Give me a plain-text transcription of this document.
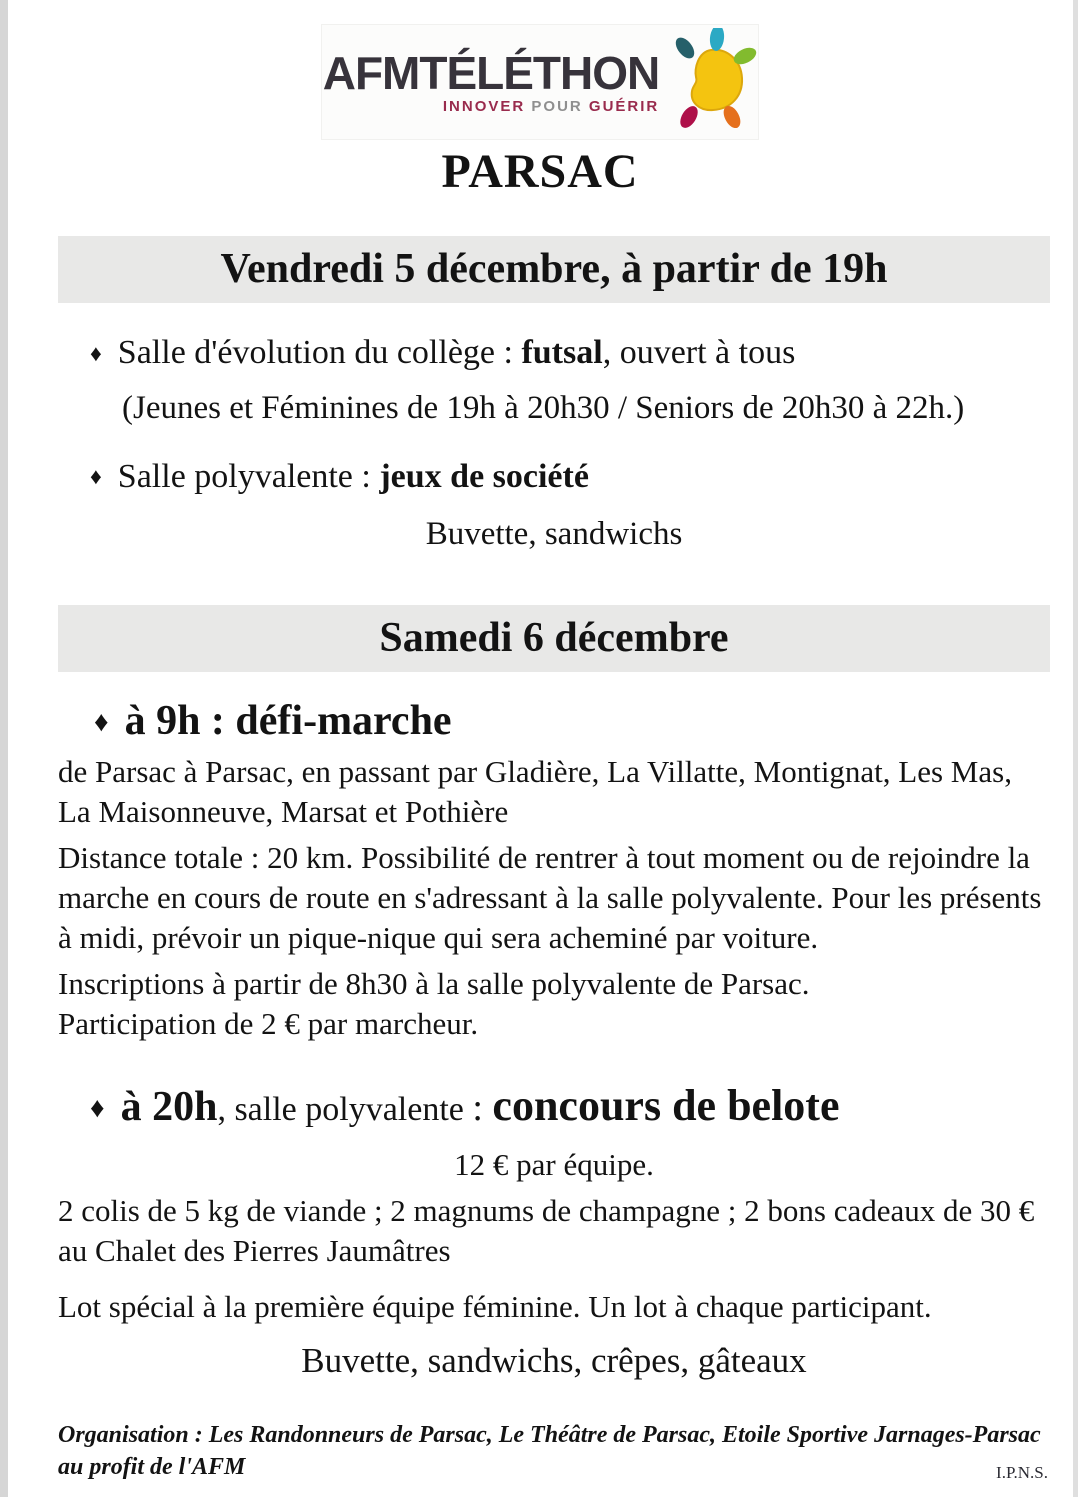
AFMTÉLÉTHON
INNOVER POUR GUÉRIR
PARSAC
Vendredi 5 décembre, à partir de 19h
♦ Salle d'évolution du collège : futsal, ouvert à tous
(Jeunes et Féminines de 19h à 20h30 / Seniors de 20h30 à 22h.)
♦ Salle polyvalente : jeux de société
Buvette, sandwichs
Samedi 6 décembre
♦ à 9h : défi-marche
de Parsac à Parsac, en passant par Gladière, La Villatte, Montignat, Les Mas, La Maisonneuve, Marsat et Pothière
Distance totale : 20 km. Possibilité de rentrer à tout moment ou de rejoindre la marche en cours de route en s'adressant à la salle polyvalente. Pour les présents à midi, prévoir un pique-nique qui sera acheminé par voiture.
Inscriptions à partir de 8h30 à la salle polyvalente de Parsac.
Participation de 2 € par marcheur.
♦ à 20h, salle polyvalente : concours de belote
12 € par équipe.
2 colis de 5 kg de viande ; 2 magnums de champagne ; 2 bons cadeaux de 30 € au Chalet des Pierres Jaumâtres
Lot spécial à la première équipe féminine. Un lot à chaque participant.
Buvette, sandwichs, crêpes, gâteaux
Organisation : Les Randonneurs de Parsac, Le Théâtre de Parsac, Etoile Sportive Jarnages-Parsac au profit de l'AFM	I.P.N.S.
